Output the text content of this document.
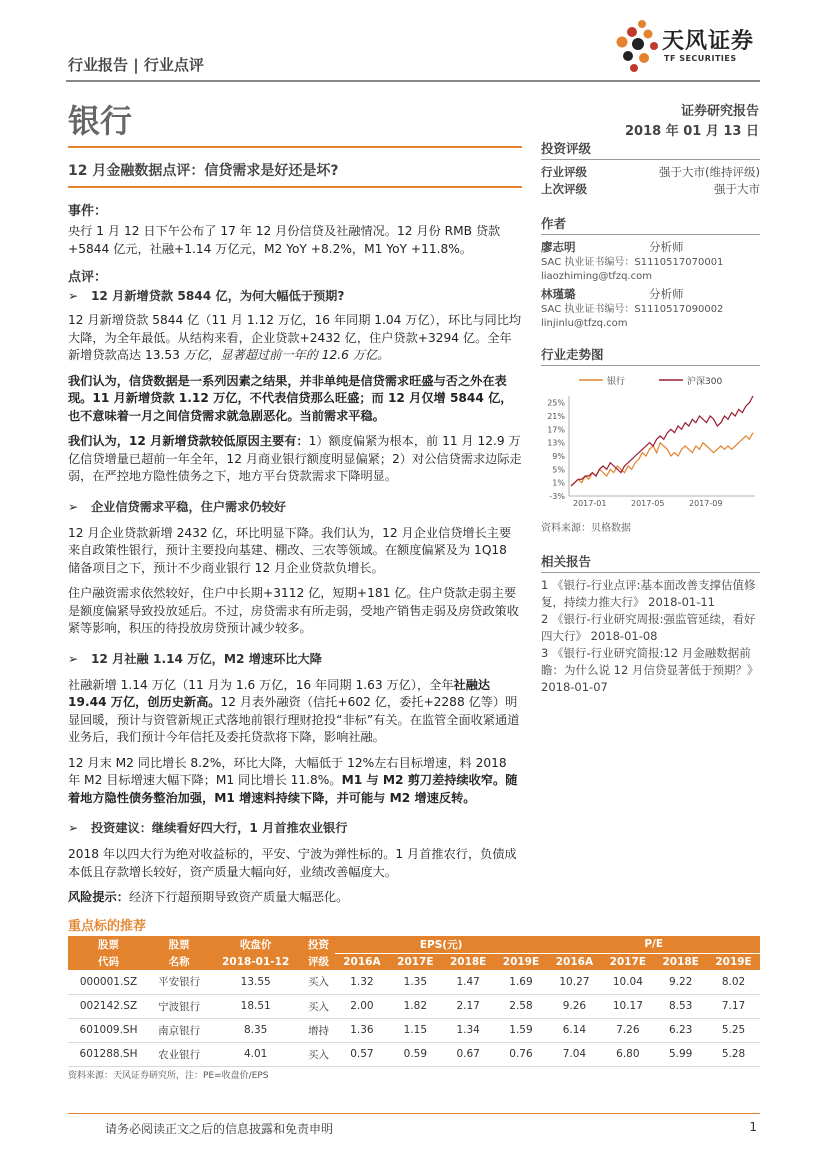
行业报告 | 行业点评
银行
天风证券
TF SECURITIES
证券研究报告
2018 年 01 月 13 日
12 月金融数据点评：信贷需求是好还是坏?
事件：
央行 1 月 12 日下午公布了 17 年 12 月份信贷及社融情况。12 月份 RMB 贷款+5844 亿元，社融+1.14 万亿元，M2 YoY +8.2%，M1 YoY +11.8%。
点评：
➢ 12 月新增贷款 5844 亿，为何大幅低于预期?
12 月新增贷款 5844 亿（11 月 1.12 万亿，16 年同期 1.04 万亿），环比与同比均大降，为全年最低。从结构来看，企业贷款+2432 亿，住户贷款+3294 亿。全年新增贷款高达 13.53 万亿，显著超过前一年的 12.6 万亿。
我们认为，信贷数据是一系列因素之结果，并非单纯是信贷需求旺盛与否之外在表现。11 月新增贷款 1.12 万亿，不代表信贷那么旺盛；而 12 月仅增 5844 亿，也不意味着一月之间信贷需求就急剧恶化。当前需求平稳。
我们认为，12 月新增贷款较低原因主要有：1）额度偏紧为根本，前 11 月 12.9 万亿信贷增量已超前一年全年，12 月商业银行额度明显偏紧；2）对公信贷需求边际走弱，在严控地方隐性债务之下，地方平台贷款需求下降明显。
➢ 企业信贷需求平稳，住户需求仍较好
12 月企业贷款新增 2432 亿，环比明显下降。我们认为，12 月企业信贷增长主要来自政策性银行，预计主要投向基建、棚改、三农等领域。在额度偏紧及为 1Q18 储备项目之下，预计不少商业银行 12 月企业贷款负增长。
住户融资需求依然较好，住户中长期+3112 亿，短期+181 亿。住户贷款走弱主要是额度偏紧导致投放延后。不过，房贷需求有所走弱，受地产销售走弱及房贷政策收紧等影响，积压的待投放房贷预计减少较多。
➢ 12 月社融 1.14 万亿，M2 增速环比大降
社融新增 1.14 万亿（11 月为 1.6 万亿，16 年同期 1.63 万亿），全年社融达 19.44 万亿，创历史新高。12 月表外融资（信托+602 亿，委托+2288 亿等）明显回暖，预计与资管新规正式落地前银行理财抢投“非标”有关。在监管全面收紧通道业务后，我们预计今年信托及委托贷款将下降，影响社融。
12 月末 M2 同比增长 8.2%，环比大降，大幅低于 12%左右目标增速，料 2018 年 M2 目标增速大幅下降；M1 同比增长 11.8%。M1 与 M2 剪刀差持续收窄。随着地方隐性债务整治加强，M1 增速料持续下降，并可能与 M2 增速反转。
➢ 投资建议：继续看好四大行，1 月首推农业银行
2018 年以四大行为绝对收益标的，平安、宁波为弹性标的。1 月首推农行，负债成本低且存款增长较好，资产质量大幅向好，业绩改善幅度大。
风险提示：经济下行超预期导致资产质量大幅恶化。
投资评级
行业评级	强于大市(维持评级)
上次评级	强于大市
作者
廖志明	分析师
SAC 执业证书编号：S1110517070001
liaozhiming@tfzq.com
林瑾璐	分析师
SAC 执业证书编号：S1110517090002
linjinlu@tfzq.com
行业走势图
银行	沪深300
25%
21%
17%
13%
9%
5%
1%
-3%
2017-01	2017-05	2017-09
资料来源：贝格数据
相关报告
1 《银行-行业点评:基本面改善支撑估值修复，持续力推大行》 2018-01-11
2 《银行-行业研究周报:强监管延续，看好四大行》 2018-01-08
3 《银行-行业研究简报:12 月金融数据前瞻：为什么说 12 月信贷显著低于预期？》 2018-01-07
重点标的推荐
股票	股票	收盘价	投资	EPS(元)				P/E			
代码	名称	2018-01-12	评级	2016A	2017E	2018E	2019E	2016A	2017E	2018E	2019E
000001.SZ	平安银行	13.55	买入	1.32	1.35	1.47	1.69	10.27	10.04	9.22	8.02
002142.SZ	宁波银行	18.51	买入	2.00	1.82	2.17	2.58	9.26	10.17	8.53	7.17
601009.SH	南京银行	8.35	增持	1.36	1.15	1.34	1.59	6.14	7.26	6.23	5.25
601288.SH	农业银行	4.01	买入	0.57	0.59	0.67	0.76	7.04	6.80	5.99	5.28
资料来源：天风证券研究所，注：PE=收盘价/EPS
请务必阅读正文之后的信息披露和免责申明	1
